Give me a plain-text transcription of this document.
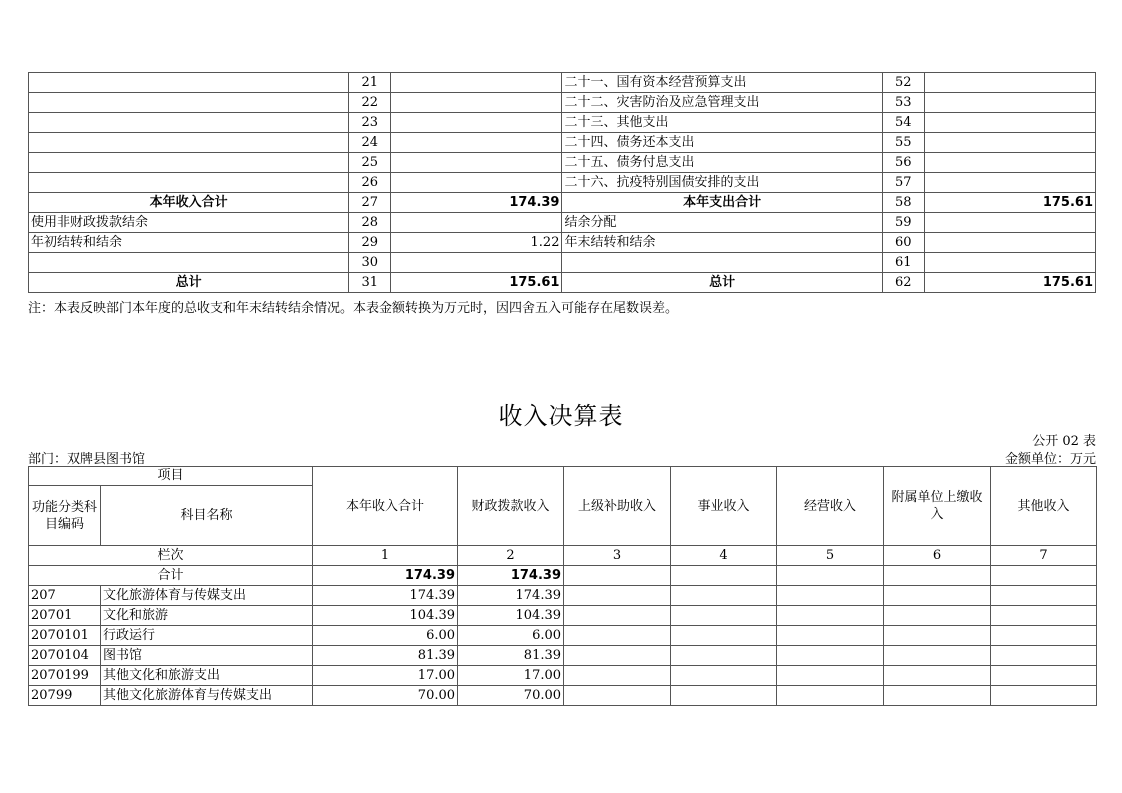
	21		二十一、国有资本经营预算支出	52	
	22		二十二、灾害防治及应急管理支出	53	
	23		二十三、其他支出	54	
	24		二十四、债务还本支出	55	
	25		二十五、债务付息支出	56	
	26		二十六、抗疫特别国债安排的支出	57	
本年收入合计	27	174.39	本年支出合计	58	175.61
使用非财政拨款结余	28		结余分配	59	
年初结转和结余	29	1.22	年末结转和结余	60	
	30			61	
总计	31	175.61	总计	62	175.61
注：本表反映部门本年度的总收支和年末结转结余情况。本表金额转换为万元时，因四舍五入可能存在尾数误差。
收入决算表
公开 02 表
部门：双牌县图书馆	金额单位：万元
项目		本年收入合计	财政拨款收入	上级补助收入	事业收入	经营收入	附属单位上缴收入	其他收入
功能分类科目编码	科目名称							
栏次		1	2	3	4	5	6	7
合计		174.39	174.39					
207	文化旅游体育与传媒支出	174.39	174.39					
20701	文化和旅游	104.39	104.39					
2070101	行政运行	6.00	6.00					
2070104	图书馆	81.39	81.39					
2070199	其他文化和旅游支出	17.00	17.00					
20799	其他文化旅游体育与传媒支出	70.00	70.00					
